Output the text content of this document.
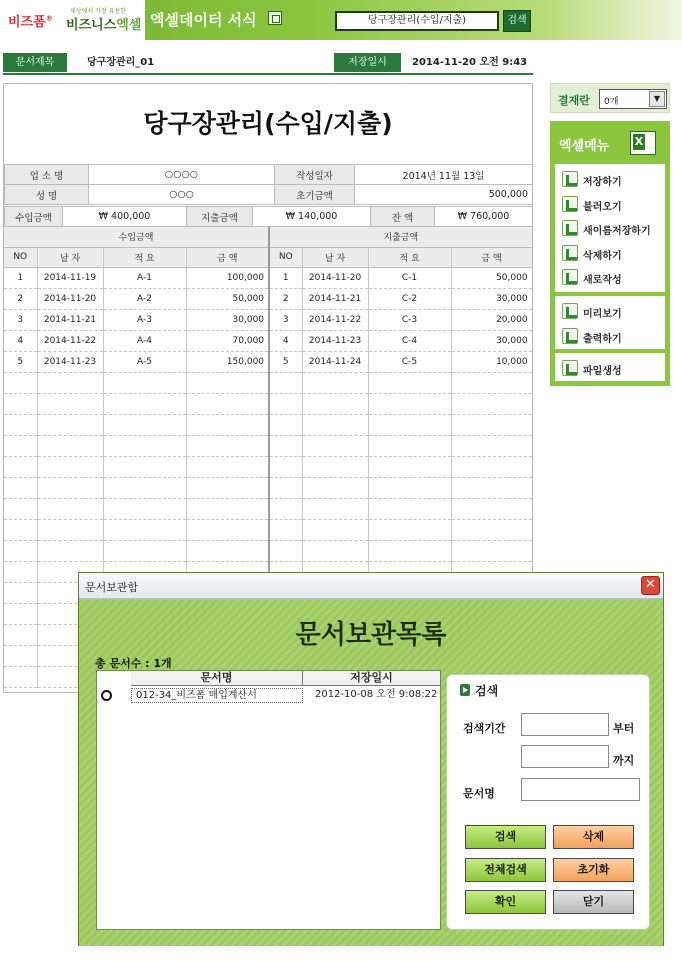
비즈폼®
세상에서 가장 유용한
비즈니스엑셀 엑셀데이터 서식	당구장관리(수입/지출)	검색
문서제목	당구장관리_01	저장일시	2014-11-20 오전 9:43
당구장관리(수입/지출)
업 소 명	○○○○	작성일자	2014년 11월 13일
성 명	○○○	초기금액	500,000
수입금액	₩ 400,000	지출금액	₩ 140,000	잔 액	₩ 760,000
수입금액				지출금액			
NO	날 자	적 요	금 액	NO	날 자	적 요	금 액
1	2014-11-19	A-1	100,000	1	2014-11-20	C-1	50,000
2	2014-11-20	A-2	50,000	2	2014-11-21	C-2	30,000
3	2014-11-21	A-3	30,000	3	2014-11-22	C-3	20,000
4	2014-11-22	A-4	70,000	4	2014-11-23	C-4	30,000
5	2014-11-23	A-5	150,000	5	2014-11-24	C-5	10,000

결재란 0개	▼
엑셀메뉴
X
저장하기
불러오기
새이름저장하기
삭제하기
새로작성
미리보기
출력하기
파일생성
문서보관함	✕
문서보관목록
총 문서수 : 1개
문서명	저장일시
012-34_비즈폼 매입계산서	2012-10-08 오전 9:08:22	검색
검색기간	부터
까지
문서명
검색	삭제
전체검색	초기화
확인	닫기
